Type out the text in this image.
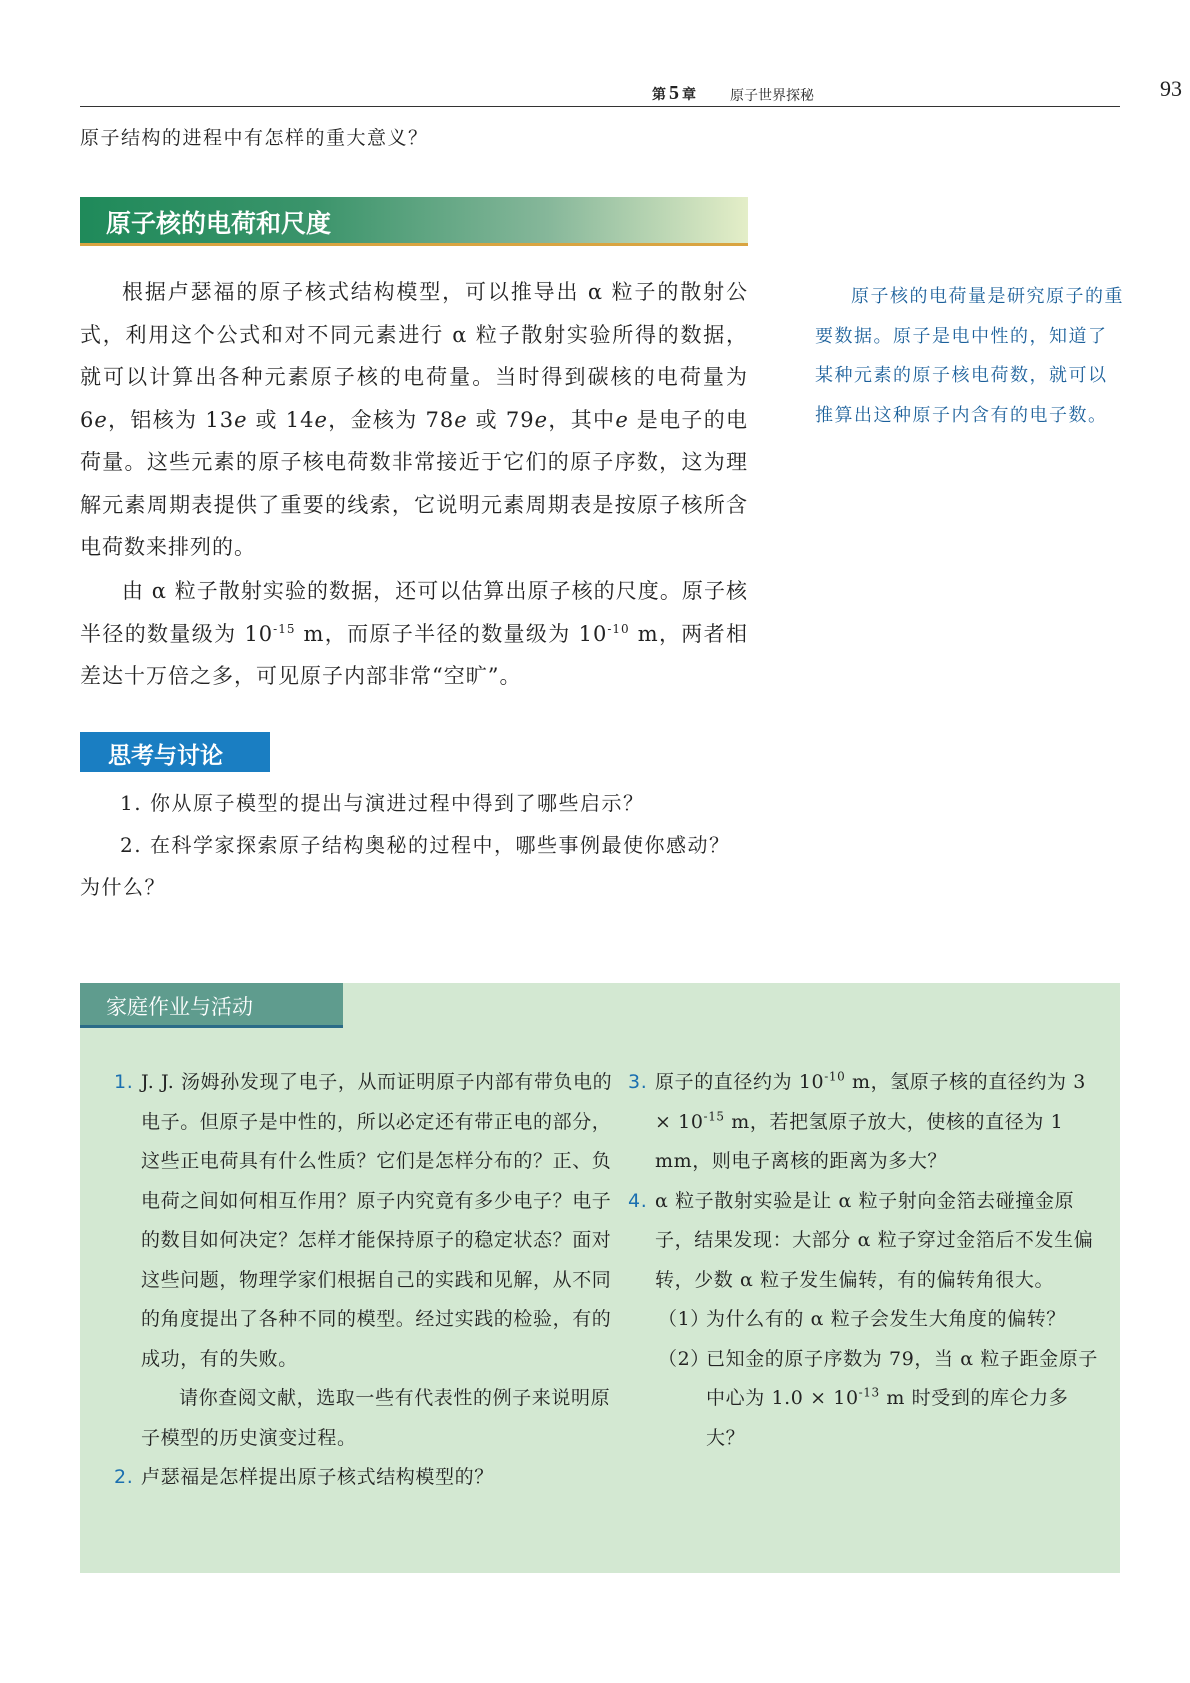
第 5 章 原子世界探秘	93
原子结构的进程中有怎样的重大意义？
原子核的电荷和尺度
根据卢瑟福的原子核式结构模型，可以推导出 α 粒子的散射公式，利用这个公式和对不同元素进行 α 粒子散射实验所得的数据，就可以计算出各种元素原子核的电荷量。当时得到碳核的电荷量为 6e，铝核为 13e 或 14e，金核为 78e 或 79e，其中e 是电子的电荷量。这些元素的原子核电荷数非常接近于它们的原子序数，这为理解元素周期表提供了重要的线索，它说明元素周期表是按原子核所含电荷数来排列的。
由 α 粒子散射实验的数据，还可以估算出原子核的尺度。原子核半径的数量级为 $10^{-15}$ m，而原子半径的数量级为 $10^{-10}$ m，两者相差达十万倍之多，可见原子内部非常“空旷”。
原子核的电荷量是研究原子的重要数据。原子是电中性的，知道了某种元素的原子核电荷数，就可以推算出这种原子内含有的电子数。
思考与讨论
1. 你从原子模型的提出与演进过程中得到了哪些启示？
2. 在科学家探索原子结构奥秘的过程中，哪些事例最使你感动？为什么？
家庭作业与活动
1. J. J. 汤姆孙发现了电子，从而证明原子内部有带负电的电子。但原子是中性的，所以必定还有带正电的部分，这些正电荷具有什么性质？它们是怎样分布的？正、负电荷之间如何相互作用？原子内究竟有多少电子？电子的数目如何决定？怎样才能保持原子的稳定状态？面对这些问题，物理学家们根据自己的实践和见解，从不同的角度提出了各种不同的模型。经过实践的检验，有的成功，有的失败。
请你查阅文献，选取一些有代表性的例子来说明原子模型的历史演变过程。
2. 卢瑟福是怎样提出原子核式结构模型的？
3. 原子的直径约为 $10^{-10}$ m，氢原子核的直径约为 $3 \times 10^{-15}$ m，若把氢原子放大，使核的直径为 1 mm，则电子离核的距离为多大？
4. α 粒子散射实验是让 α 粒子射向金箔去碰撞金原子，结果发现：大部分 α 粒子穿过金箔后不发生偏转，少数 α 粒子发生偏转，有的偏转角很大。
（1）
为什么有的 α 粒子会发生大角度的偏转？
（2）
已知金的原子序数为 79，当 α 粒子距金原子中心为 $1.0 \times 10^{-13}$ m 时受到的库仑力多大？
